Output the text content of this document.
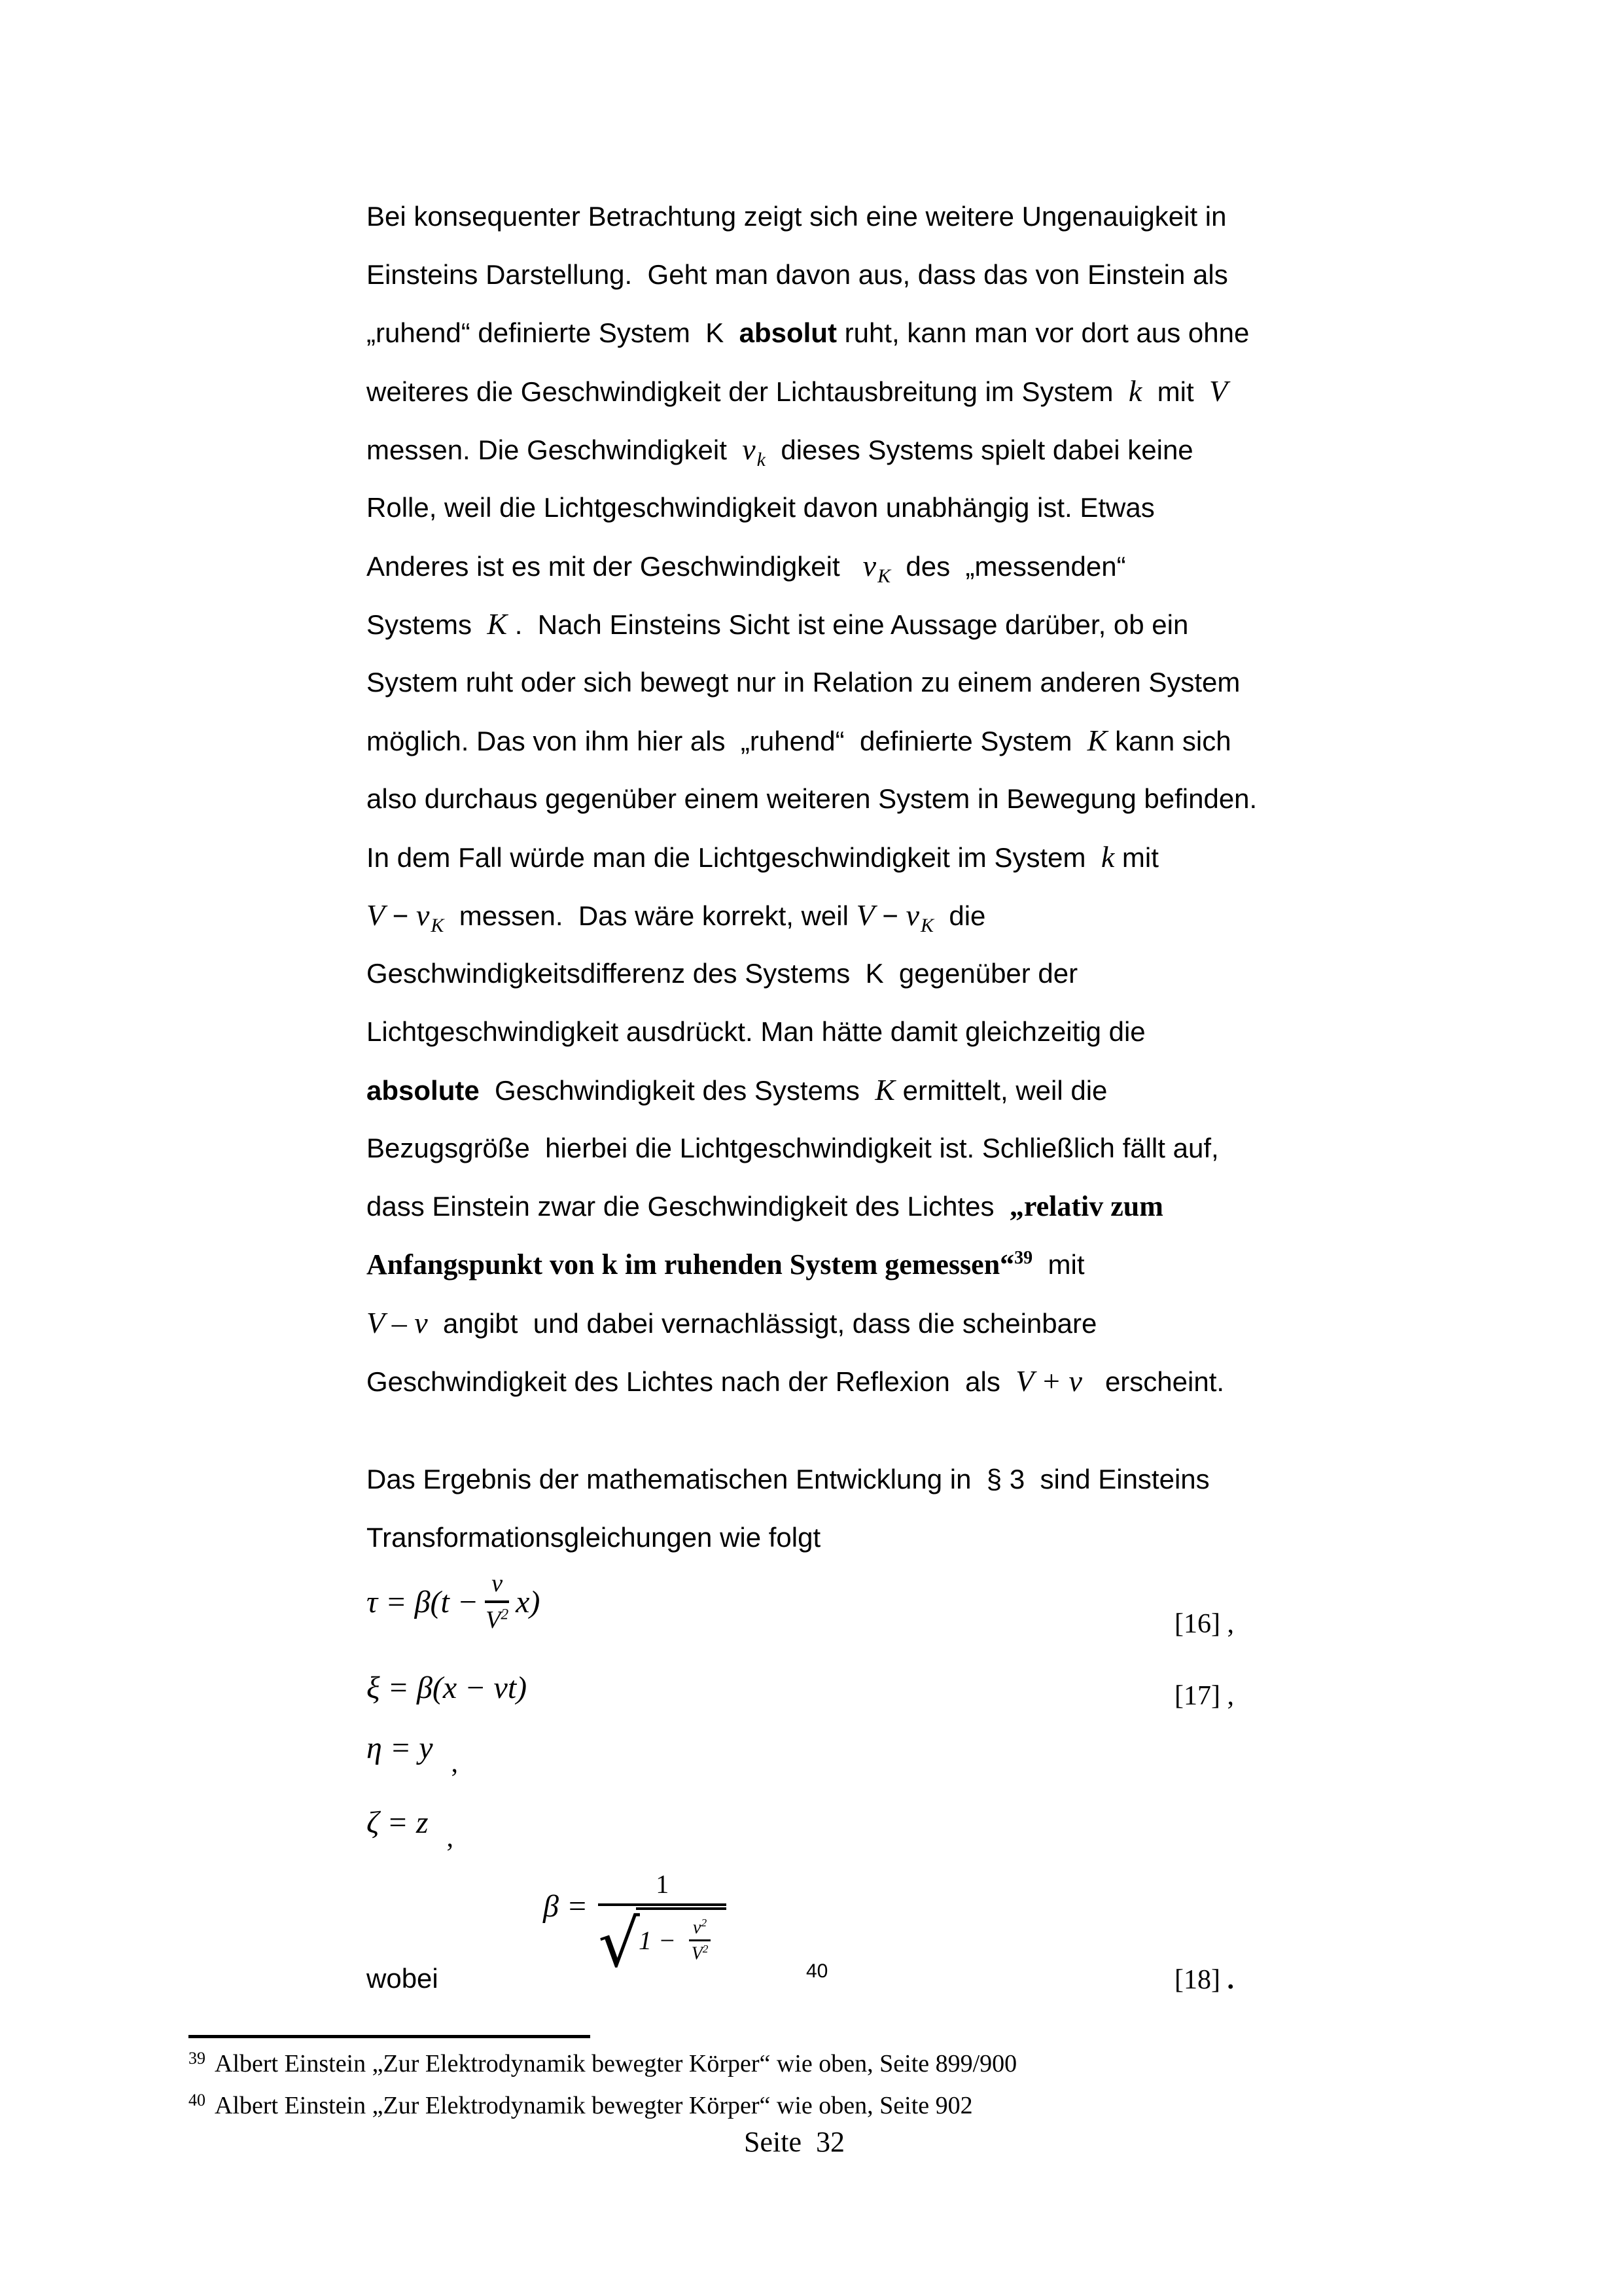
Bei konsequenter Betrachtung zeigt sich eine weitere Ungenauigkeit in
Einsteins Darstellung.  Geht man davon aus, dass das von Einstein als
„ruhend“ definierte System  K  absolut ruht, kann man vor dort aus ohne
weiteres die Geschwindigkeit der Lichtausbreitung im System  k  mit  V
messen. Die Geschwindigkeit  $v_k$  dieses Systems spielt dabei keine
Rolle, weil die Lichtgeschwindigkeit davon unabhängig ist. Etwas
Anderes ist es mit der Geschwindigkeit   $v_K$  des  „messenden“
Systems  K .  Nach Einsteins Sicht ist eine Aussage darüber, ob ein
System ruht oder sich bewegt nur in Relation zu einem anderen System
möglich. Das von ihm hier als  „ruhend“  definierte System  K kann sich
also durchaus gegenüber einem weiteren System in Bewegung befinden.
In dem Fall würde man die Lichtgeschwindigkeit im System  k mit
$V - v_K$  messen.  Das wäre korrekt, weil $V - v_K$  die
Geschwindigkeitsdifferenz des Systems  K  gegenüber der
Lichtgeschwindigkeit ausdrückt. Man hätte damit gleichzeitig die
absolute  Geschwindigkeit des Systems  K ermittelt, weil die
Bezugsgröße  hierbei die Lichtgeschwindigkeit ist. Schließlich fällt auf,
dass Einstein zwar die Geschwindigkeit des Lichtes  „relativ zum
Anfangspunkt von k im ruhenden System gemessen“$^{39}$  mit
V – v  angibt  und dabei vernachlässigt, dass die scheinbare
Geschwindigkeit des Lichtes nach der Reflexion  als  V + v   erscheint.
Das Ergebnis der mathematischen Entwicklung in  § 3  sind Einsteins
Transformationsgleichungen wie folgt
$\tau = \beta(t - \frac{v}{V^2} x)$
[16] ,
ξ = β(x − vt)	[17] ,
η = y ,
ζ = z ,
β =
1
√
$1 - \frac{v^2}{V^2}$
40
wobei	[18] .
$^{39}$ Albert Einstein „Zur Elektrodynamik bewegter Körper“ wie oben, Seite 899/900
$^{40}$ Albert Einstein „Zur Elektrodynamik bewegter Körper“ wie oben, Seite 902
Seite  32
